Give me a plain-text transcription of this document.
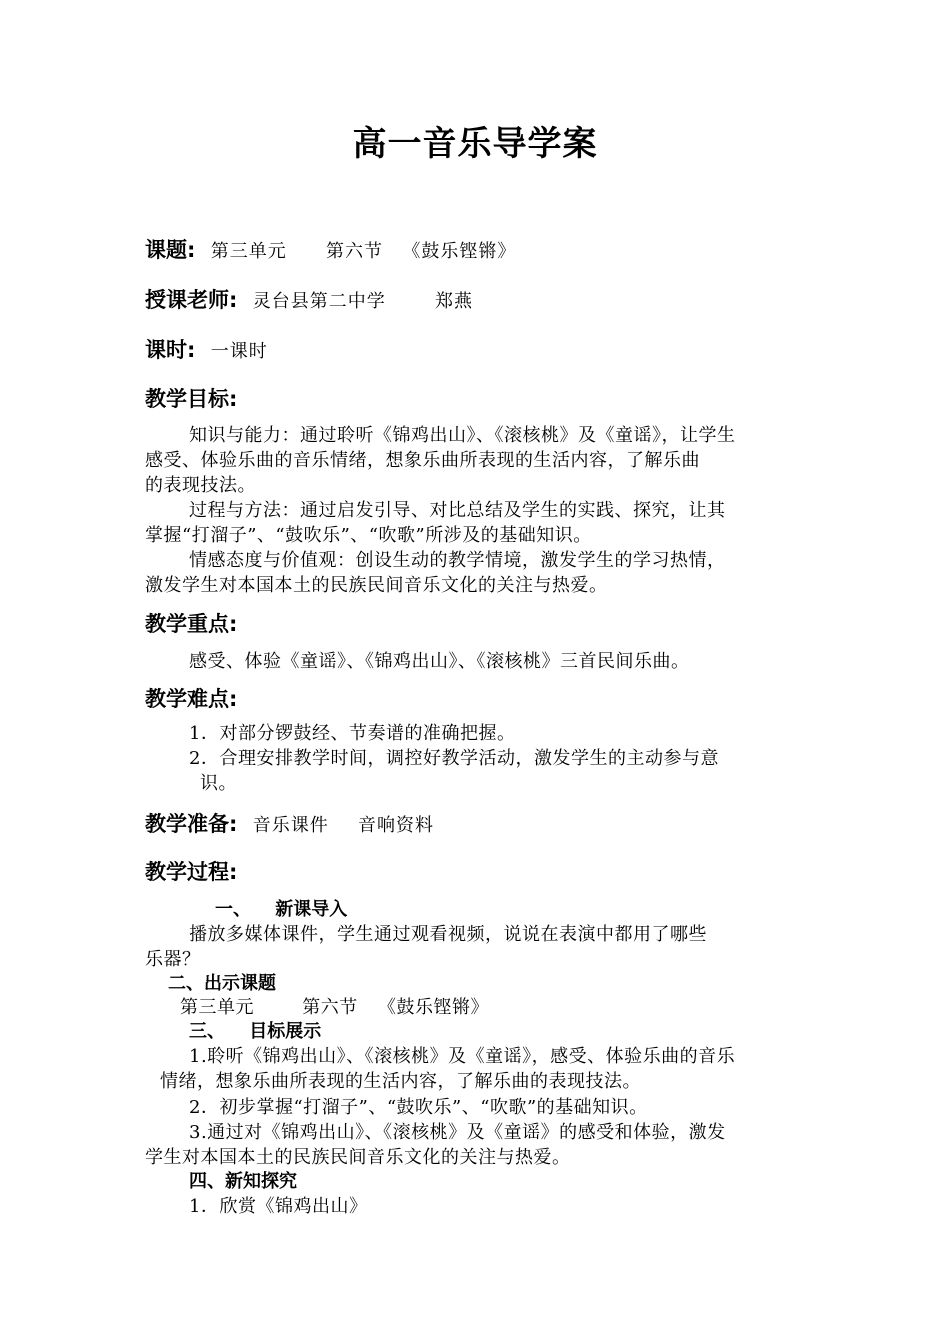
高一音乐导学案
课题: 第三单元 第六节 《鼓乐铿锵》
授课老师: 灵台县第二中学	郑燕
课时: 一课时
教学目标:
知识与能力：通过聆听《锦鸡出山》、《滚核桃》及《童谣》，让学生
感受、体验乐曲的音乐情绪，想象乐曲所表现的生活内容，了解乐曲
的表现技法。
过程与方法：通过启发引导、对比总结及学生的实践、探究，让其
掌握“打溜子”、“鼓吹乐”、“吹歌”所涉及的基础知识。
情感态度与价值观：创设生动的教学情境，激发学生的学习热情，
激发学生对本国本土的民族民间音乐文化的关注与热爱。
教学重点:
感受、体验《童谣》、《锦鸡出山》、《滚核桃》三首民间乐曲。
教学难点:
1．对部分锣鼓经、节奏谱的准确把握。
2．合理安排教学时间，调控好教学活动，激发学生的主动参与意
识。
教学准备: 音乐课件 音响资料
教学过程:
一、 新课导入
播放多媒体课件，学生通过观看视频，说说在表演中都用了哪些
乐器？
二、出示课题
第三单元	第六节 《鼓乐铿锵》
三、 目标展示
1.聆听《锦鸡出山》、《滚核桃》及《童谣》，感受、体验乐曲的音乐
情绪，想象乐曲所表现的生活内容，了解乐曲的表现技法。
2．初步掌握“打溜子”、“鼓吹乐”、“吹歌”的基础知识。
3.通过对《锦鸡出山》、《滚核桃》及《童谣》的感受和体验，激发
学生对本国本土的民族民间音乐文化的关注与热爱。
四、新知探究
1．欣赏《锦鸡出山》
